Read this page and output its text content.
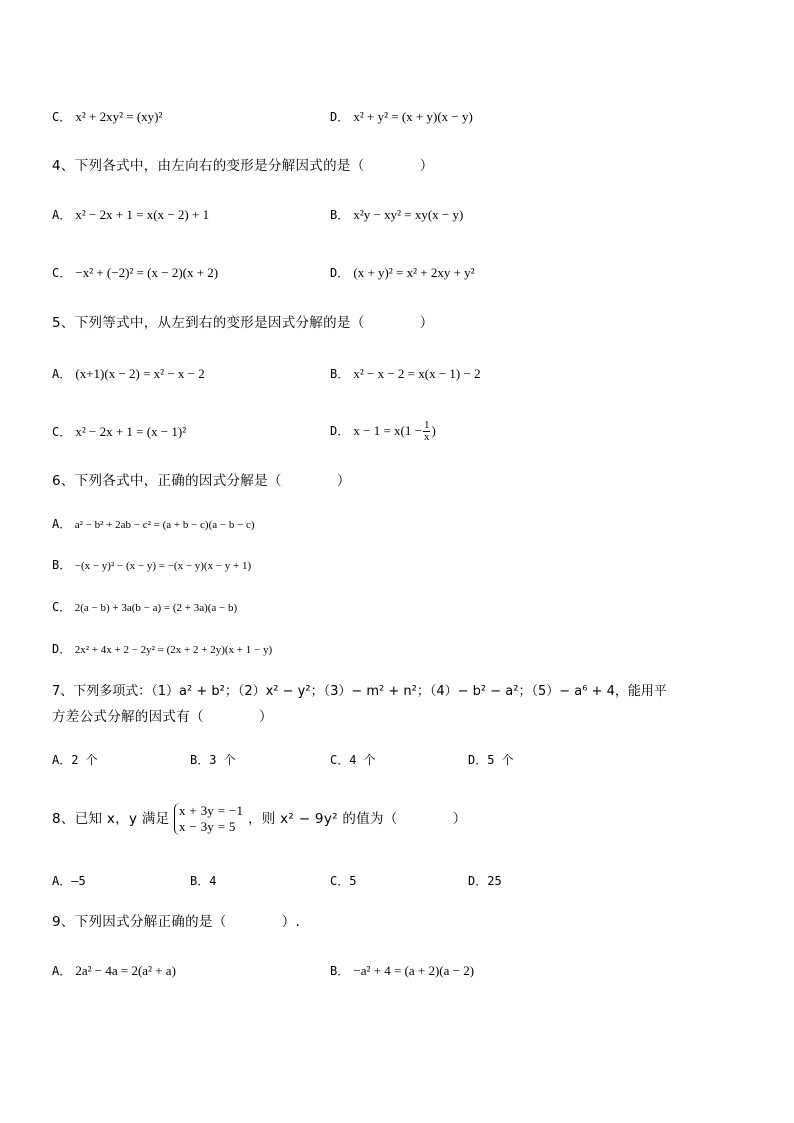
C． x² + 2xy² = (xy)²	D． x² + y² = (x + y)(x − y)
4、下列各式中，由左向右的变形是分解因式的是（　　　　）
A． x² − 2x + 1 = x(x − 2) + 1	B． x²y − xy² = xy(x − y)
C． −x² + (−2)² = (x − 2)(x + 2)	D． (x + y)² = x² + 2xy + y²
5、下列等式中，从左到右的变形是因式分解的是（　　　　）
A． (x+1)(x − 2) = x² − x − 2	B． x² − x − 2 = x(x − 1) − 2
C． x² − 2x + 1 = (x − 1)²	D． $x - 1 = x(1 - \frac{1}{x}$ )
6、下列各式中，正确的因式分解是（　　　　）
A． a² − b² + 2ab − c² = (a + b − c)(a − b − c)
B． −(x − y)² − (x − y) = −(x − y)(x − y + 1)
C． 2(a − b) + 3a(b − a) = (2 + 3a)(a − b)
D． 2x² + 4x + 2 − 2y² = (2x + 2 + 2y)(x + 1 − y)
7、下列多项式：（1）a² + b²；（2）x² − y²；（3）− m² + n²；（4）− b² − a²；（5）− a⁶ + 4，能用平
方差公式分解的因式有（　　　　）
A．2 个	B．3 个	C．4 个	D．5 个
8、已知 x，y 满足
x + 3y = −1
x − 3y = 5 ，则 x² − 9y² 的值为（　　　　）
A．—5	B．4	C．5	D．25
9、下列因式分解正确的是（　　　　）.
A． 2a² − 4a = 2(a² + a)	B． −a² + 4 = (a + 2)(a − 2)
